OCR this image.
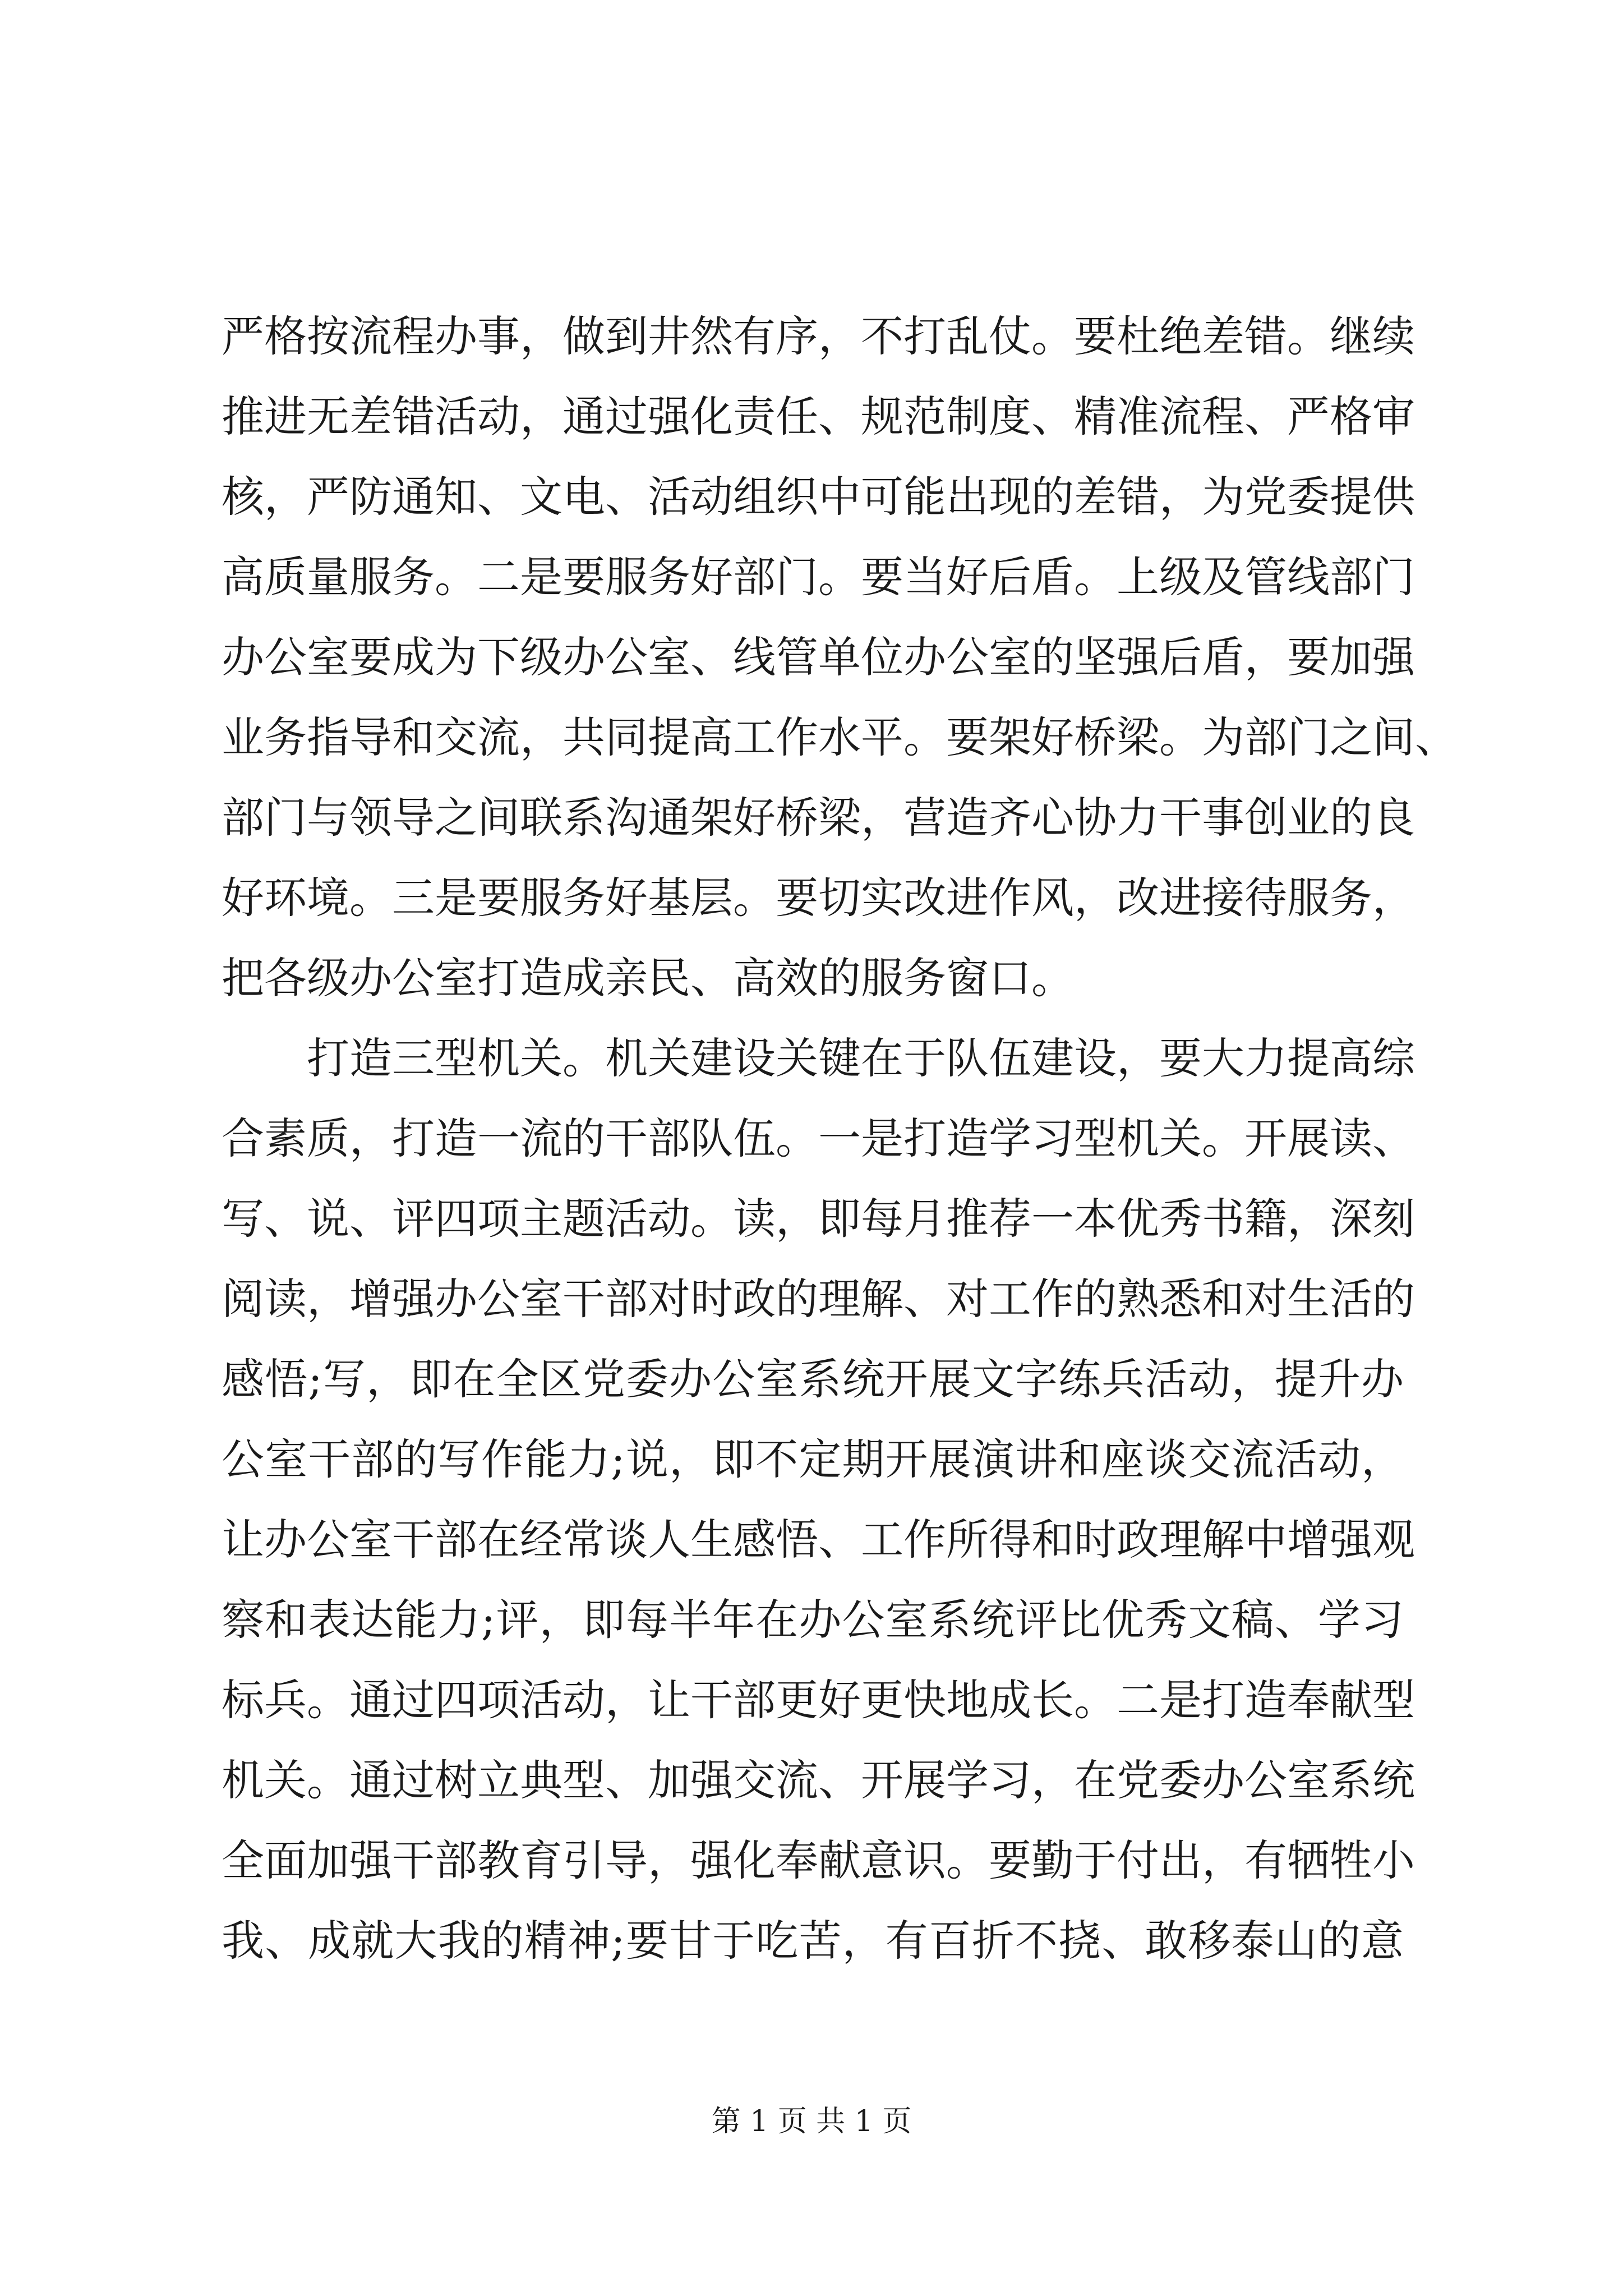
严格按流程办事，做到井然有序，不打乱仗。要杜绝差错。继续
推进无差错活动，通过强化责任、规范制度、精准流程、严格审
核，严防通知、文电、活动组织中可能出现的差错，为党委提供
高质量服务。二是要服务好部门。要当好后盾。上级及管线部门
办公室要成为下级办公室、线管单位办公室的坚强后盾，要加强
业务指导和交流，共同提高工作水平。要架好桥梁。为部门之间、
部门与领导之间联系沟通架好桥梁，营造齐心协力干事创业的良
好环境。三是要服务好基层。要切实改进作风，改进接待服务，
把各级办公室打造成亲民、高效的服务窗口。
打造三型机关。机关建设关键在于队伍建设，要大力提高综
合素质，打造一流的干部队伍。一是打造学习型机关。开展读、
写、说、评四项主题活动。读，即每月推荐一本优秀书籍，深刻
阅读，增强办公室干部对时政的理解、对工作的熟悉和对生活的
感悟;写，即在全区党委办公室系统开展文字练兵活动，提升办
公室干部的写作能力;说，即不定期开展演讲和座谈交流活动，
让办公室干部在经常谈人生感悟、工作所得和时政理解中增强观
察和表达能力;评，即每半年在办公室系统评比优秀文稿、学习
标兵。通过四项活动，让干部更好更快地成长。二是打造奉献型
机关。通过树立典型、加强交流、开展学习，在党委办公室系统
全面加强干部教育引导，强化奉献意识。要勤于付出，有牺牲小
我、成就大我的精神;要甘于吃苦，有百折不挠、敢移泰山的意
第 1 页 共 1 页
